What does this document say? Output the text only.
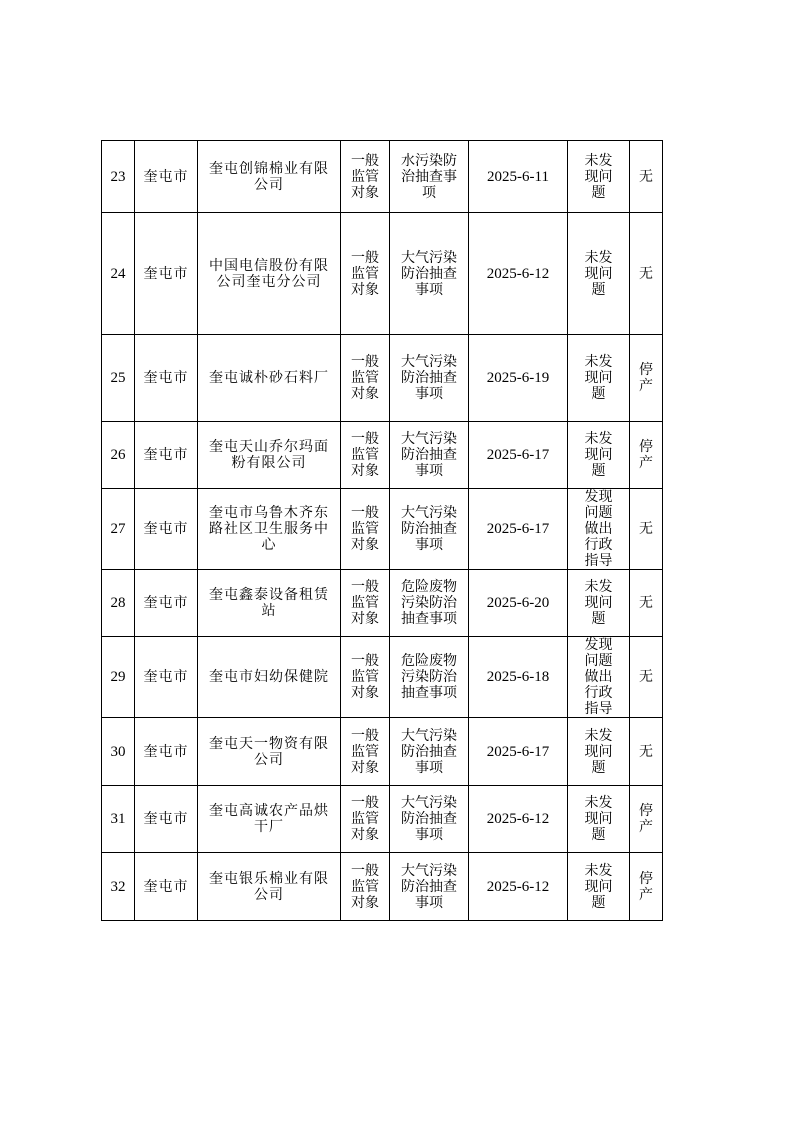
23	奎屯市	奎屯创锦棉业有限公司	一般监管对象	水污染防治抽查事项	2025-6-11	未发现问题	无
24	奎屯市	中国电信股份有限公司奎屯分公司	一般监管对象	大气污染防治抽查事项	2025-6-12	未发现问题	无
25	奎屯市	奎屯诚朴砂石料厂	一般监管对象	大气污染防治抽查事项	2025-6-19	未发现问题	停产
26	奎屯市	奎屯天山乔尔玛面粉有限公司	一般监管对象	大气污染防治抽查事项	2025-6-17	未发现问题	停产
27	奎屯市	奎屯市乌鲁木齐东路社区卫生服务中心	一般监管对象	大气污染防治抽查事项	2025-6-17	发现问题做出行政指导	无
28	奎屯市	奎屯鑫泰设备租赁站	一般监管对象	危险废物污染防治抽查事项	2025-6-20	未发现问题	无
29	奎屯市	奎屯市妇幼保健院	一般监管对象	危险废物污染防治抽查事项	2025-6-18	发现问题做出行政指导	无
30	奎屯市	奎屯天一物资有限公司	一般监管对象	大气污染防治抽查事项	2025-6-17	未发现问题	无
31	奎屯市	奎屯高诚农产品烘干厂	一般监管对象	大气污染防治抽查事项	2025-6-12	未发现问题	停产
32	奎屯市	奎屯银乐棉业有限公司	一般监管对象	大气污染防治抽查事项	2025-6-12	未发现问题	停产
